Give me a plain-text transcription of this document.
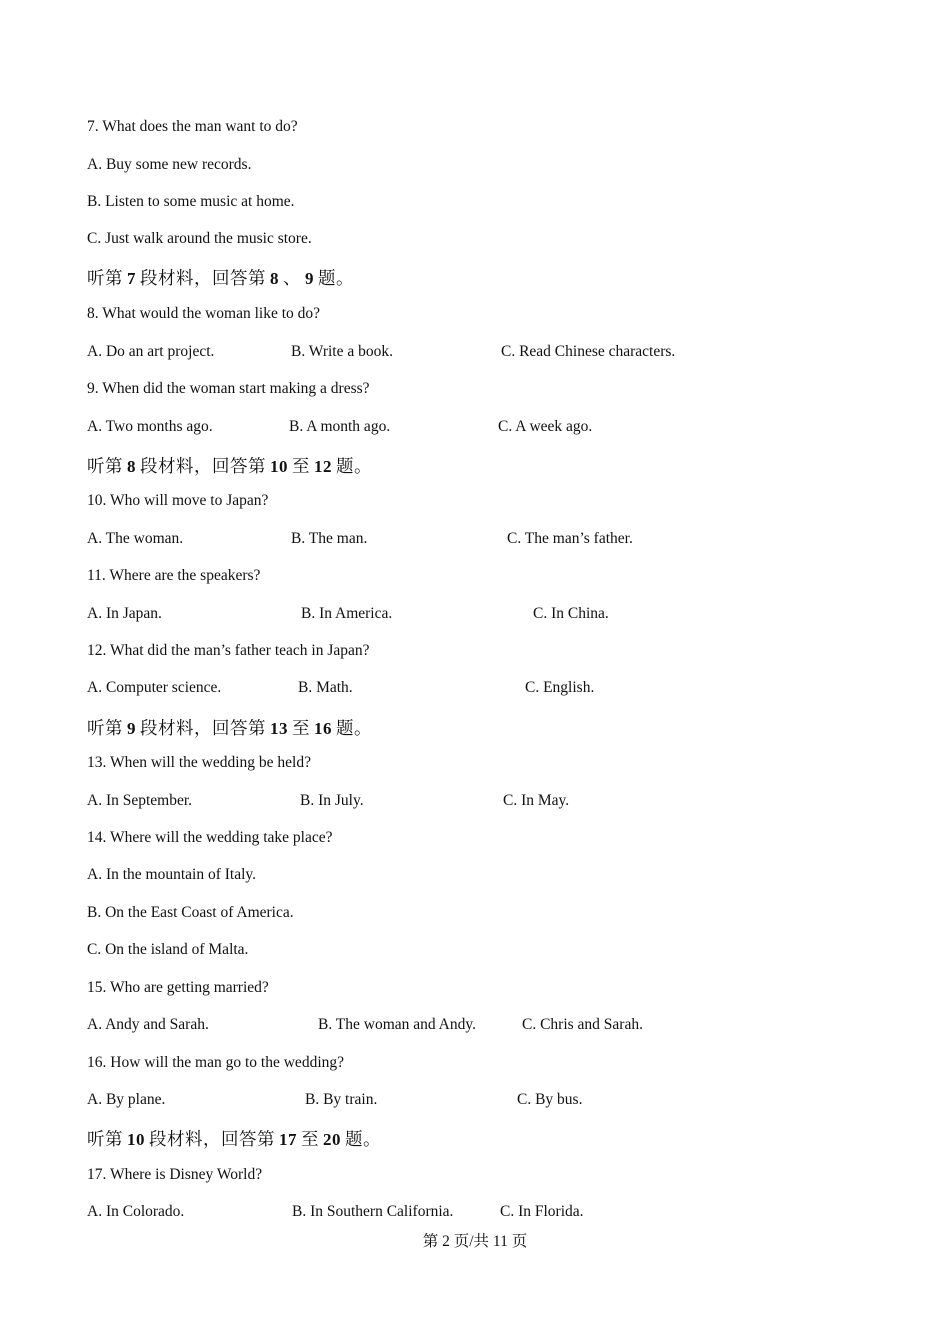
7. What does the man want to do?
A. Buy some new records.
B. Listen to some music at home.
C. Just walk around the music store.
听第 7 段材料，回答第 8 、 9 题。
8. What would the woman like to do?
A. Do an art project.	B. Write a book.	C. Read Chinese characters.
9. When did the woman start making a dress?
A. Two months ago.	B. A month ago.	C. A week ago.
听第 8 段材料，回答第 10 至 12 题。
10. Who will move to Japan?
A. The woman.	B. The man.	C. The man’s father.
11. Where are the speakers?
A. In Japan.	B. In America.	C. In China.
12. What did the man’s father teach in Japan?
A. Computer science.	B. Math.	C. English.
听第 9 段材料，回答第 13 至 16 题。
13. When will the wedding be held?
A. In September.	B. In July.	C. In May.
14. Where will the wedding take place?
A. In the mountain of Italy.
B. On the East Coast of America.
C. On the island of Malta.
15. Who are getting married?
A. Andy and Sarah.	B. The woman and Andy.	C. Chris and Sarah.
16. How will the man go to the wedding?
A. By plane.	B. By train.	C. By bus.
听第 10 段材料，回答第 17 至 20 题。
17. Where is Disney World?
A. In Colorado.	B. In Southern California.	C. In Florida.
第 2 页/共 11 页
